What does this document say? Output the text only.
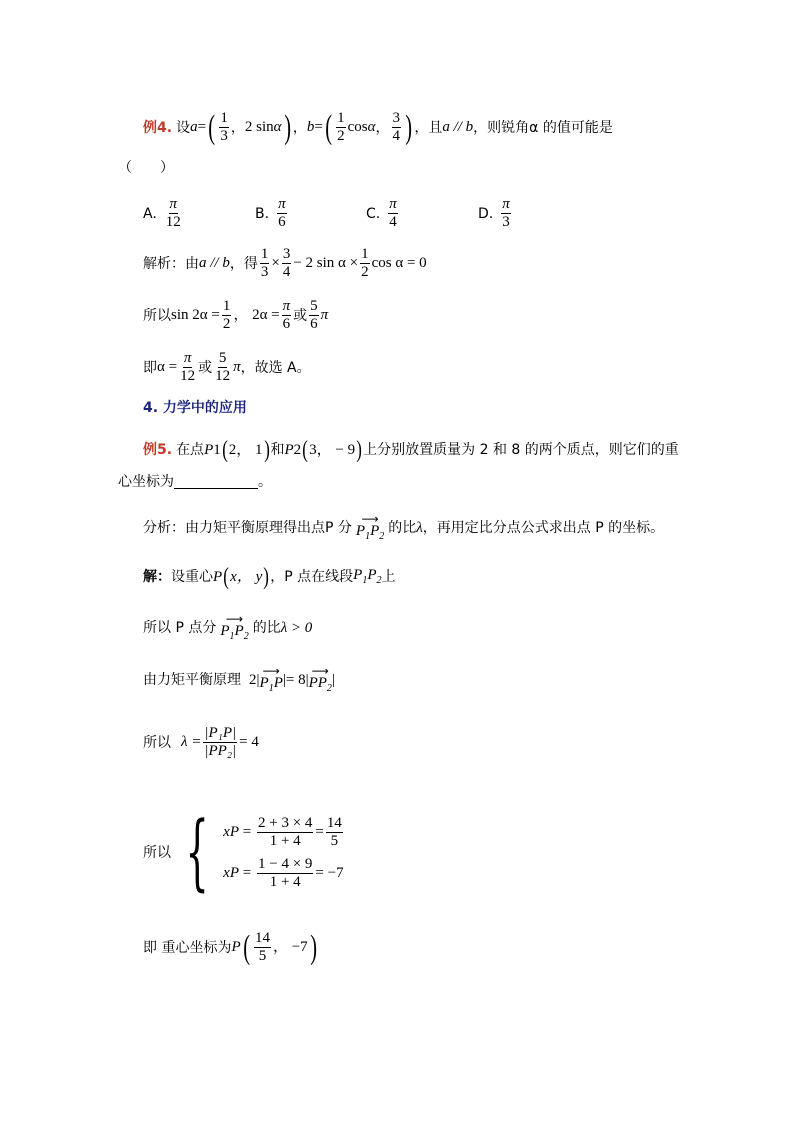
例4. 设 a = ( $\frac{1}{3}$ ， 2 sin α ) ， b = ( $\frac{1}{2}$ cos α ， $\frac{3}{4}$ ) ，且 a // b ，则锐角α 的值可能是
（　　）
A. $\frac{\pi}{12}$	B. $\frac{\pi}{6}$	C. $\frac{\pi}{4}$	D. $\frac{\pi}{3}$
解析：由 a // b ，得 $\frac{1}{3} \times \frac{3}{4} - 2$ $\sin \alpha \times \frac{1}{2}$ cos α = 0
所以 $\sin 2\alpha = \frac{1}{2}$ ， $2\alpha = \frac{\pi}{6}$ 或 $\frac{5}{6}$ π
即 $\alpha = \frac{\pi}{12}$ 或 $\frac{5}{12}$ π ，故选 A。
4. 力学中的应用
例5. 在点 P 1 ( 2， 1 ) 和 P 2 ( 3， − 9 ) 上分别放置质量为 2 和 8 的两个质点，则它们的重
心坐标为	。
分析：由力矩平衡原理得出点P 分
⟶
$P_1P_2$
的比 λ ，再用定比分点公式求出点 P 的坐标。
解： 设重心 P ( x， y ) ，P 点在线段 $P_1P_2$ 上
所以 P 点分
⟶
$P_1P_2$
的比 λ > 0
由力矩平衡原理 2|
⟶
$P_1P$ |= 8|
⟶
$PP_2$
|
所以 $\lambda = \frac{\text{|P₁P|}}{\text{|PP₂|}} = 4$
所以 { x $P = \frac{2 + 3 \times 4}{1 + 4} = \frac{14}{5}$
x $P = \frac{1 - 4 \times 9}{1 + 4} = -7$
即 重心坐标为 P ( $\frac{14}{5}$ ， −7 )
